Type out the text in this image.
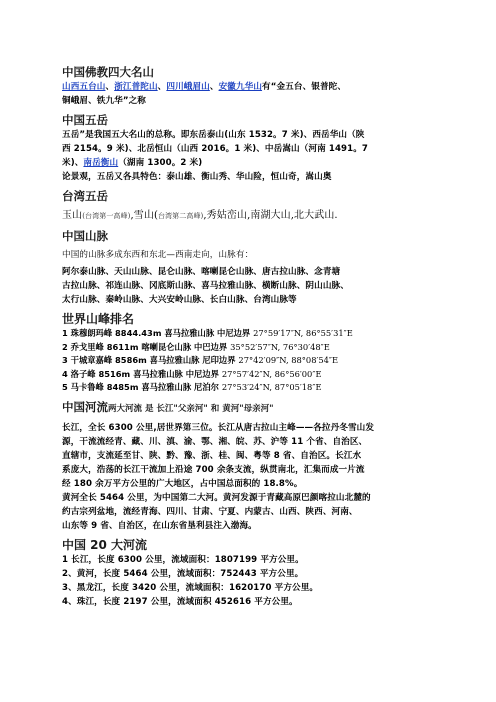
中国佛教四大名山

山西五台山、浙江普陀山、四川峨眉山、安徽九华山有“金五台、银普陀、
铜峨眉、铁九华”之称

中国五岳

五岳”是我国五大名山的总称。即东岳泰山(山东 1532。7 米)、西岳华山（陕
西 2154。9 米)、北岳恒山（山西 2016。1 米)、中岳嵩山（河南 1491。7
米)、南岳衡山（湖南 1300。2 米)
论景观，五岳又各具特色：泰山雄、衡山秀、华山险，恒山奇，嵩山奥

台湾五岳

玉山(台湾第一高峰),雪山(台湾第二高峰),秀姑峦山,南湖大山,北大武山.

中国山脉

中国的山脉多成东西和东北—西南走向，山脉有：

阿尔泰山脉、天山山脉、昆仑山脉、喀喇昆仑山脉、唐古拉山脉、念青塘
古拉山脉、祁连山脉、冈底斯山脉、喜马拉雅山脉、横断山脉、阴山山脉、
太行山脉、秦岭山脉、大兴安岭山脉、长白山脉、台湾山脉等

世界山峰排名

1 珠穆朗玛峰 8844.43m 喜马拉雅山脉 中尼边界 27°59′17″N, 86°55′31″E

2 乔戈里峰 8611m 喀喇昆仑山脉 中巴边界 35°52′57″N, 76°30′48″E

3 干城章嘉峰 8586m 喜马拉雅山脉 尼印边界 27°42′09″N, 88°08′54″E

4 洛子峰 8516m 喜马拉雅山脉 中尼边界 27°57′42″N, 86°56′00″E

5 马卡鲁峰 8485m 喜马拉雅山脉 尼泊尔 27°53′24″N, 87°05′18″E

中国河流两大河流 是 长江"父亲河" 和 黄河"母亲河"

长江，全长 6300 公里,居世界第三位。长江从唐古拉山主峰——各拉丹冬雪山发
源，干流流经青、藏、川、滇、渝、鄂、湘、皖、苏、沪等 11 个省、自治区、
直辖市，支流延至甘、陕、黔、豫、浙、桂、闽、粤等 8 省、自治区。长江水
系庞大，浩荡的长江干流加上沿途 700 余条支流，纵贯南北，汇集而成一片流
经 180 余万平方公里的广大地区，占中国总面积的 18.8%。

黄河全长 5464 公里，为中国第二大河。黄河发源于青藏高原巴颜喀拉山北麓的
约古宗列盆地，流经青海、四川、甘肃、宁夏、内蒙古、山西、陕西、河南、
山东等 9 省、自治区，在山东省垦利县注入渤海。

中国 20 大河流

1 长江，长度 6300 公里，流域面积：1807199 平方公里。
2、黄河，长度 5464 公里，流域面积：752443 平方公里。
3、黑龙江，长度 3420 公里，流域面积：1620170 平方公里。
4、珠江，长度 2197 公里，流域面积 452616 平方公里。
